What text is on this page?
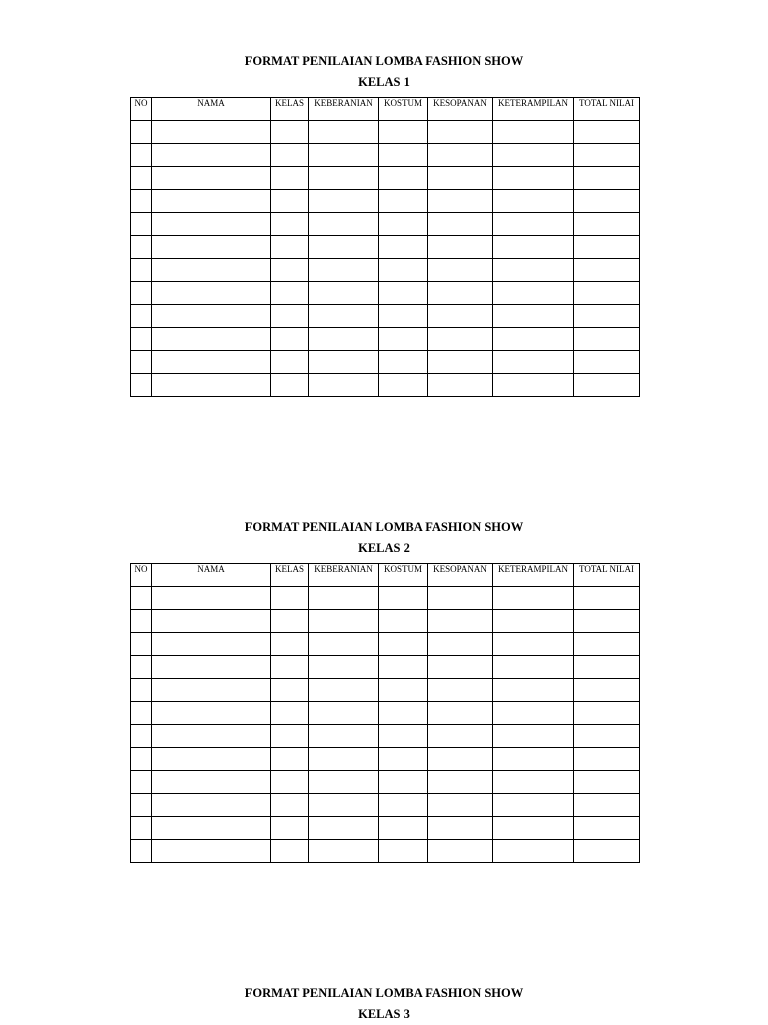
FORMAT PENILAIAN LOMBA FASHION SHOW
KELAS 1
NO	NAMA	KELAS	KEBERANIAN	KOSTUM	KESOPANAN	KETERAMPILAN	TOTAL NILAI

FORMAT PENILAIAN LOMBA FASHION SHOW
KELAS 2
NO	NAMA	KELAS	KEBERANIAN	KOSTUM	KESOPANAN	KETERAMPILAN	TOTAL NILAI

FORMAT PENILAIAN LOMBA FASHION SHOW
KELAS 3
